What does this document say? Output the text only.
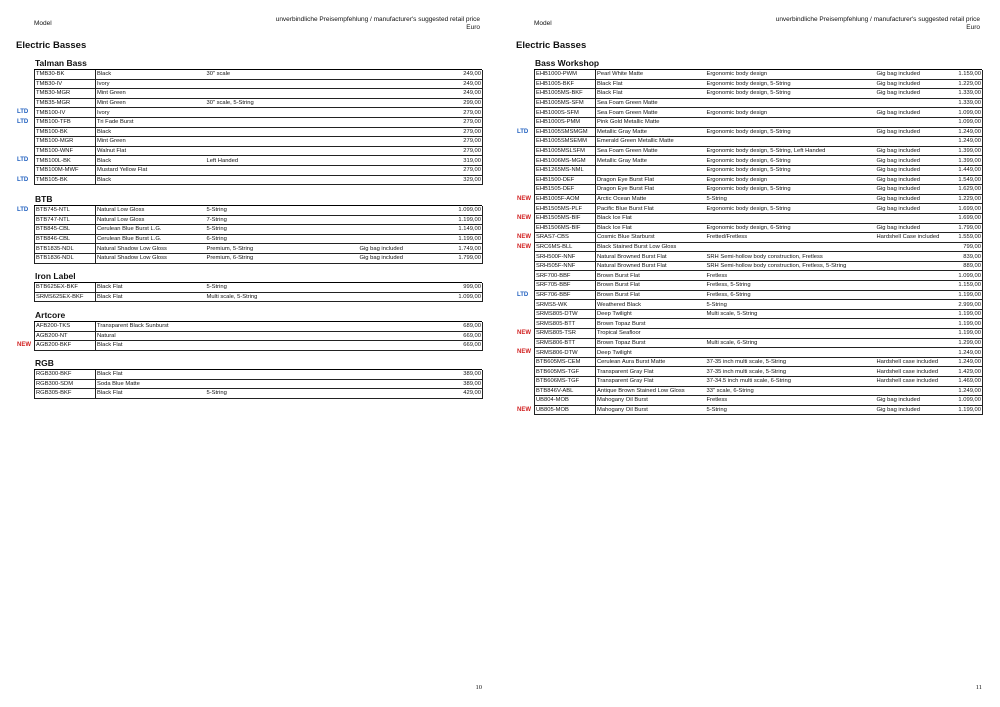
Model
unverbindliche Preisempfehlung / manufacturer's suggested retail price
Euro
Electric Basses
Talman Bass
TMB30-BK	Black	30" scale		249,00
TMB30-IV	Ivory			249,00
TMB30-MGR	Mint Green			249,00
TMB35-MGR	Mint Green	30" scale, 5-String		299,00

LTD TMB100-IV	Ivory			279,00

LTD TMB100-TFB	Tri Fade Burst			279,00
TMB100-BK	Black			279,00
TMB100-MGR	Mint Green			279,00
TMB100-WNF	Walnut Flat			279,00

LTD TMB100L-BK	Black	Left Handed		319,00
TMB100M-MWF	Mustard Yellow Flat			279,00

LTD TMB105-BK	Black			329,00
BTB
LTD BTB745-NTL	Natural Low Gloss	5-String		1.099,00
BTB747-NTL	Natural Low Gloss	7-String		1.199,00
BTB845-CBL	Cerulean Blue Burst L.G.	5-String		1.149,00
BTB846-CBL	Cerulean Blue Burst L.G.	6-String		1.199,00
BTB1835-NDL	Natural Shadow Low Gloss	Premium, 5-String	Gig bag included	1.749,00
BTB1836-NDL	Natural Shadow Low Gloss	Premium, 6-String	Gig bag included	1.799,00
Iron Label
BTB625EX-BKF	Black Flat	5-String		999,00
SRMS625EX-BKF	Black Flat	Multi scale, 5-String		1.099,00
Artcore
AFB200-TKS	Transparent Black Sunburst			689,00
AGB200-NT	Natural			669,00

NEW AGB200-BKF	Black Flat			669,00
RGB
RGB300-BKF	Black Flat			389,00
RGB300-SDM	Soda Blue Matte			389,00
RGB305-BKF	Black Flat	5-String		429,00
10
Model
unverbindliche Preisempfehlung / manufacturer's suggested retail price
Euro
Electric Basses
Bass Workshop
EHB1000-PWM	Pearl White Matte	Ergonomic body design	Gig bag included	1.159,00
EHB1005-BKF	Black Flat	Ergonomic body design, 5-String	Gig bag included	1.229,00
EHB1005MS-BKF	Black Flat	Ergonomic body design, 5-String	Gig bag included	1.339,00
EHB1005MS-SFM	Sea Foam Green Matte			1.339,00
EHB1000S-SFM	Sea Foam Green Matte	Ergonomic body design	Gig bag included	1.099,00
EHB1000S-PMM	Pink Gold Metallic Matte			1.099,00

LTD EHB1005SMSMGM	Metallic Gray Matte	Ergonomic body design, 5-String	Gig bag included	1.249,00
EHB1005SMSEMM	Emerald Green Metallic Matte			1.249,00
EHB1005MSLSFM	Sea Foam Green Matte	Ergonomic body design, 5-String, Left Handed	Gig bag included	1.399,00
EHB1006MS-MGM	Metallic Gray Matte	Ergonomic body design, 6-String	Gig bag included	1.399,00
EHB1265MS-NML		Ergonomic body design, 5-String	Gig bag included	1.449,00
EHB1500-DEF	Dragon Eye Burst Flat	Ergonomic body design	Gig bag included	1.549,00
EHB1505-DEF	Dragon Eye Burst Flat	Ergonomic body design, 5-String	Gig bag included	1.629,00

NEW EHB1005F-AOM	Arctic Ocean Matte	5-String	Gig bag included	1.229,00
EHB1505MS-PLF	Pacific Blue Burst Flat	Ergonomic body design, 5-String	Gig bag included	1.699,00

NEW EHB1505MS-BIF	Black Ice Flat			1.699,00
EHB1506MS-BIF	Black Ice Flat	Ergonomic body design, 6-String	Gig bag included	1.799,00

NEW SRAS7-CBS	Cosmic Blue Starburst	Fretted/Fretless	Hardshell Case included	1.559,00

NEW SRC6MS-BLL	Black Stained Burst Low Gloss			799,00
SRH500F-NNF	Natural Browned Burst Flat	SRH Semi-hollow body construction, Fretless		839,00
SRH505F-NNF	Natural Browned Burst Flat	SRH Semi-hollow body construction, Fretless, 5-String		889,00
SRF700-BBF	Brown Burst Flat	Fretless		1.099,00
SRF705-BBF	Brown Burst Flat	Fretless, 5-String		1.159,00

LTD SRF706-BBF	Brown Burst Flat	Fretless, 6-String		1.199,00
SRMS5-WK	Weathered Black	5-String		2.999,00
SRMS805-DTW	Deep Twilight	Multi scale, 5-String		1.199,00
SRMS805-BTT	Brown Topaz Burst			1.199,00

NEW SRMS805-TSR	Tropical Seafloor			1.199,00
SRMS806-BTT	Brown Topaz Burst	Multi scale, 6-String		1.299,00

NEW SRMS806-DTW	Deep Twilight			1.249,00
BTB605MS-CEM	Cerulean Aura Burst Matte	37-35 inch multi scale, 5-String	Hardshell case included	1.249,00
BTB605MS-TGF	Transparent Gray Flat	37-35 inch multi scale, 5-String	Hardshell case included	1.429,00
BTB606MS-TGF	Transparent Gray Flat	37-34.5 inch multi scale, 6-String	Hardshell case included	1.469,00
BTB846V-ABL	Antique Brown Stained Low Gloss	33" scale, 6-String		1.249,00
UB804-MOB	Mahogany Oil Burst	Fretless	Gig bag included	1.099,00

NEW UB805-MOB	Mahogany Oil Burst	5-String	Gig bag included	1.199,00
11
